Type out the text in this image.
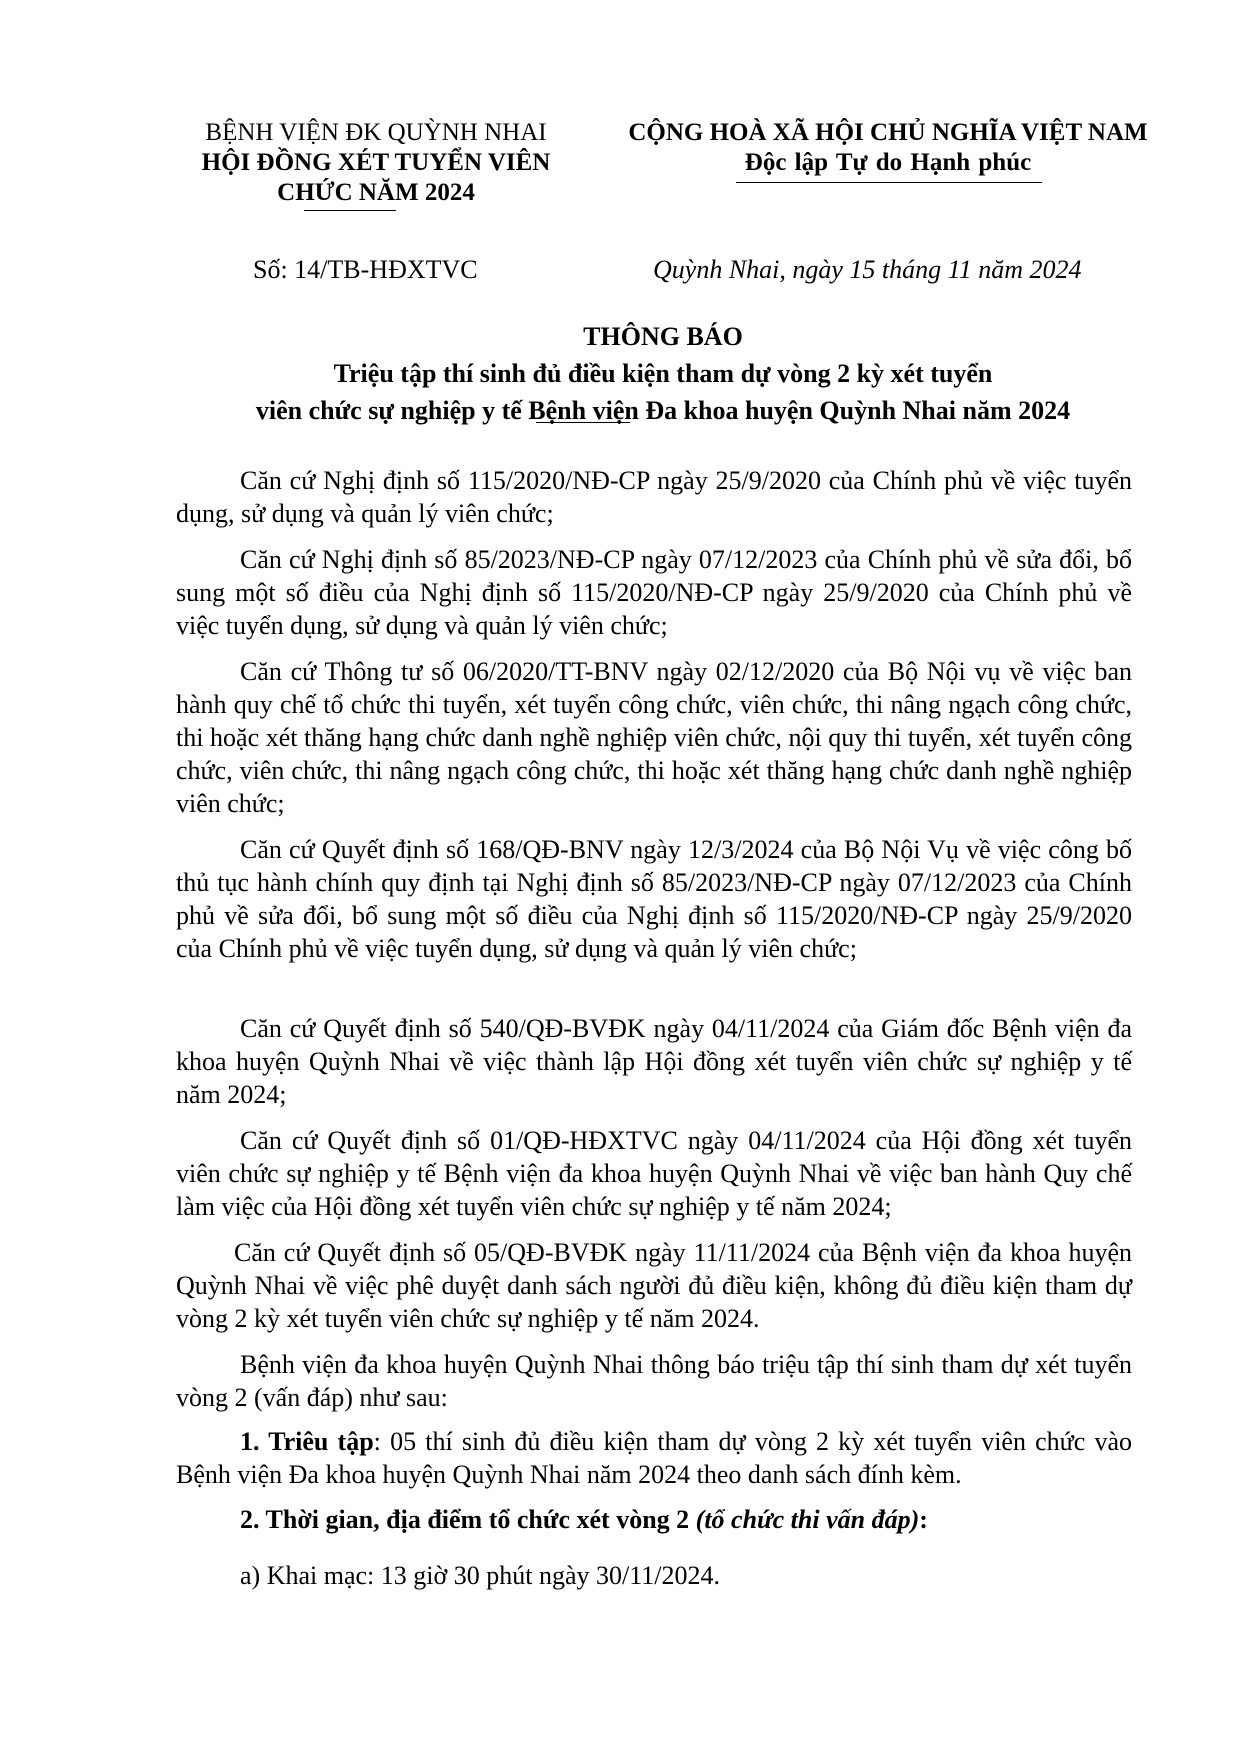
BỆNH VIỆN ĐK QUỲNH NHAI
HỘI ĐỒNG XÉT TUYỂN VIÊN
CHỨC NĂM 2024
CỘNG HOÀ XÃ HỘI CHỦ NGHĨA VIỆT NAM
Độc lập Tự do Hạnh phúc
Số: 14/TB-HĐXTVC	Quỳnh Nhai, ngày 15 tháng 11 năm 2024
THÔNG BÁO
Triệu tập thí sinh đủ điều kiện tham dự vòng 2 kỳ xét tuyển
viên chức sự nghiệp y tế Bệnh viện Đa khoa huyện Quỳnh Nhai năm 2024

Căn cứ Nghị định số 115/2020/NĐ-CP ngày 25/9/2020 của Chính phủ về việc tuyển dụng, sử dụng và quản lý viên chức;

Căn cứ Nghị định số 85/2023/NĐ-CP ngày 07/12/2023 của Chính phủ về sửa đổi, bổ sung một số điều của Nghị định số 115/2020/NĐ-CP ngày 25/9/2020 của Chính phủ về việc tuyển dụng, sử dụng và quản lý viên chức;

Căn cứ Thông tư số 06/2020/TT-BNV ngày 02/12/2020 của Bộ Nội vụ về việc ban hành quy chế tổ chức thi tuyển, xét tuyển công chức, viên chức, thi nâng ngạch công chức, thi hoặc xét thăng hạng chức danh nghề nghiệp viên chức, nội quy thi tuyển, xét tuyển công chức, viên chức, thi nâng ngạch công chức, thi hoặc xét thăng hạng chức danh nghề nghiệp viên chức;

Căn cứ Quyết định số 168/QĐ-BNV ngày 12/3/2024 của Bộ Nội Vụ về việc công bố thủ tục hành chính quy định tại Nghị định số 85/2023/NĐ-CP ngày 07/12/2023 của Chính phủ về sửa đổi, bổ sung một số điều của Nghị định số 115/2020/NĐ-CP ngày 25/9/2020 của Chính phủ về việc tuyển dụng, sử dụng và quản lý viên chức;

Căn cứ Quyết định số 540/QĐ-BVĐK ngày 04/11/2024 của Giám đốc Bệnh viện đa khoa huyện Quỳnh Nhai về việc thành lập Hội đồng xét tuyển viên chức sự nghiệp y tế năm 2024;

Căn cứ Quyết định số 01/QĐ-HĐXTVC ngày 04/11/2024 của Hội đồng xét tuyển viên chức sự nghiệp y tế Bệnh viện đa khoa huyện Quỳnh Nhai về việc ban hành Quy chế làm việc của Hội đồng xét tuyển viên chức sự nghiệp y tế năm 2024;

Căn cứ Quyết định số 05/QĐ-BVĐK ngày 11/11/2024 của Bệnh viện đa khoa huyện Quỳnh Nhai về việc phê duyệt danh sách người đủ điều kiện, không đủ điều kiện tham dự vòng 2 kỳ xét tuyển viên chức sự nghiệp y tế năm 2024.

Bệnh viện đa khoa huyện Quỳnh Nhai thông báo triệu tập thí sinh tham dự xét tuyển vòng 2 (vấn đáp) như sau:

1. Triêu tập: 05 thí sinh đủ điều kiện tham dự vòng 2 kỳ xét tuyển viên chức vào Bệnh viện Đa khoa huyện Quỳnh Nhai năm 2024 theo danh sách đính kèm.

2. Thời gian, địa điểm tổ chức xét vòng 2 (tổ chức thi vấn đáp):

a) Khai mạc: 13 giờ 30 phút ngày 30/11/2024.
